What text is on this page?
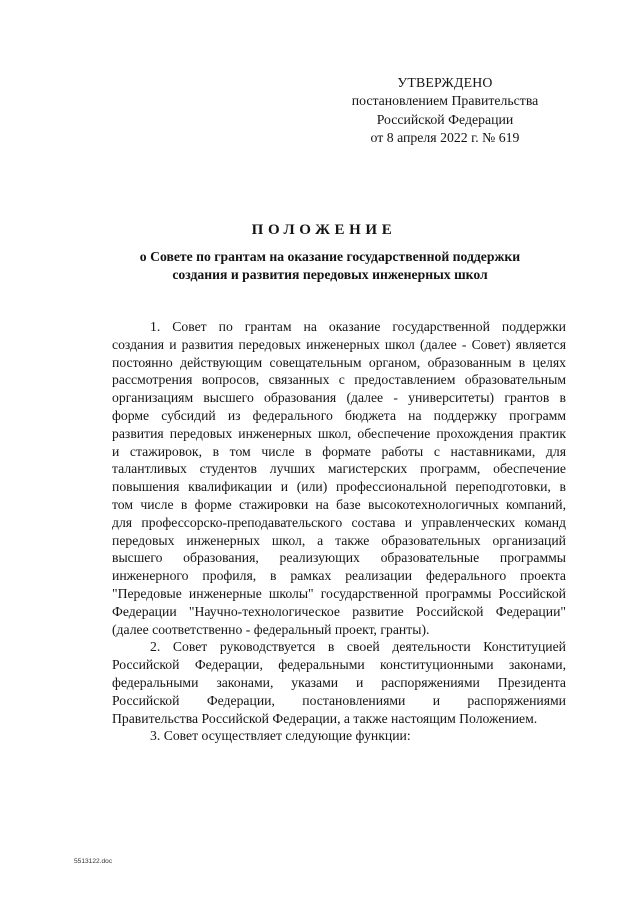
УТВЕРЖДЕНО
постановлением Правительства
Российской Федерации
от 8 апреля 2022 г. № 619
ПОЛОЖЕНИЕ
о Совете по грантам на оказание государственной поддержки
создания и развития передовых инженерных школ
1. Совет по грантам на оказание государственной поддержки
создания и развития передовых инженерных школ (далее - Совет) является
постоянно действующим совещательным органом, образованным в целях
рассмотрения вопросов, связанных с предоставлением образовательным
организациям высшего образования (далее - университеты) грантов в
форме субсидий из федерального бюджета на поддержку программ
развития передовых инженерных школ, обеспечение прохождения практик
и стажировок, в том числе в формате работы с наставниками, для
талантливых студентов лучших магистерских программ, обеспечение
повышения квалификации и (или) профессиональной переподготовки, в
том числе в форме стажировки на базе высокотехнологичных компаний,
для профессорско-преподавательского состава и управленческих команд
передовых инженерных школ, а также образовательных организаций
высшего образования, реализующих образовательные программы
инженерного профиля, в рамках реализации федерального проекта
"Передовые инженерные школы" государственной программы Российской
Федерации "Научно-технологическое развитие Российской Федерации"
(далее соответственно - федеральный проект, гранты).
2. Совет руководствуется в своей деятельности Конституцией
Российской Федерации, федеральными конституционными законами,
федеральными законами, указами и распоряжениями Президента
Российской Федерации, постановлениями и распоряжениями
Правительства Российской Федерации, а также настоящим Положением.
3. Совет осуществляет следующие функции:
5513122.doc
